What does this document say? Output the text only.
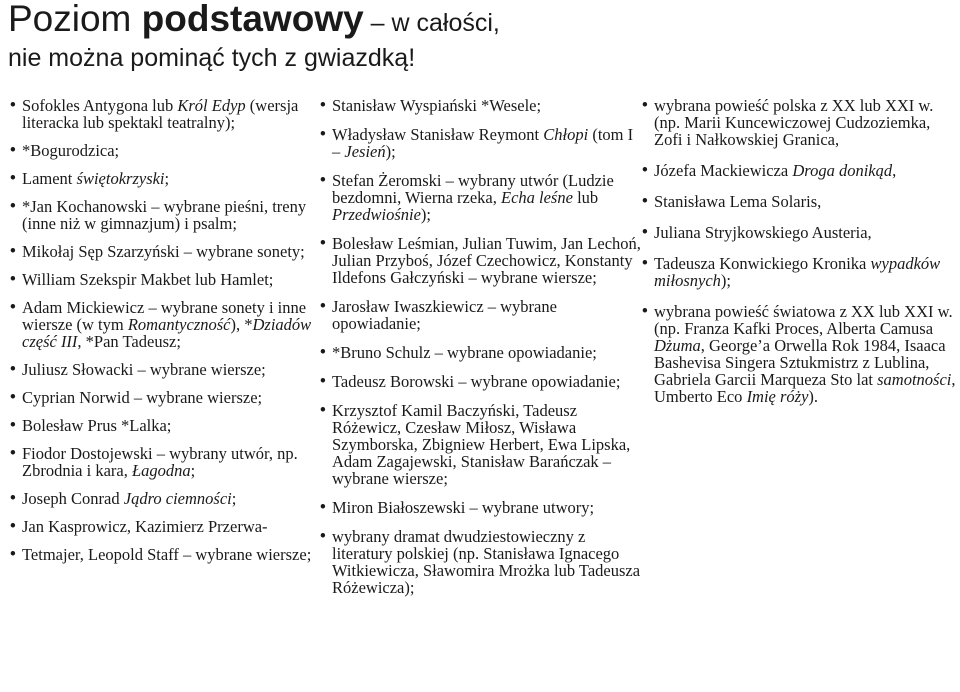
Poziom podstawowy – w całości,
nie można pominąć tych z gwiazdką!
• Sofokles Antygona lub Król Edyp (wersja literacka lub spektakl teatralny);
• *Bogurodzica;
• Lament świętokrzyski;
• *Jan Kochanowski – wybrane pieśni, treny (inne niż w gimnazjum) i psalm;
• Mikołaj Sęp Szarzyński – wybrane sonety;
• William Szekspir Makbet lub Hamlet;
• Adam Mickiewicz – wybrane sonety i inne wiersze (w tym Romantyczność), *Dziadów część III, *Pan Tadeusz;
• Juliusz Słowacki – wybrane wiersze;
• Cyprian Norwid – wybrane wiersze;
• Bolesław Prus *Lalka;
• Fiodor Dostojewski – wybrany utwór, np. Zbrodnia i kara, Łagodna;
• Joseph Conrad Jądro ciemności;
• Jan Kasprowicz, Kazimierz Przerwa-
• Tetmajer, Leopold Staff – wybrane wiersze;
• Stanisław Wyspiański *Wesele;
• Władysław Stanisław Reymont Chłopi (tom I – Jesień);
• Stefan Żeromski – wybrany utwór (Ludzie bezdomni, Wierna rzeka, Echa leśne lub Przedwiośnie);
• Bolesław Leśmian, Julian Tuwim, Jan Lechoń, Julian Przyboś, Józef Czechowicz, Konstanty Ildefons Gałczyński – wybrane wiersze;
• Jarosław Iwaszkiewicz – wybrane opowiadanie;
• *Bruno Schulz – wybrane opowiadanie;
• Tadeusz Borowski – wybrane opowiadanie;
• Krzysztof Kamil Baczyński, Tadeusz Różewicz, Czesław Miłosz, Wisława Szymborska, Zbigniew Herbert, Ewa Lipska, Adam Zagajewski, Stanisław Barańczak – wybrane wiersze;
• Miron Białoszewski – wybrane utwory;
• wybrany dramat dwudziestowieczny z literatury polskiej (np. Stanisława Ignacego Witkiewicza, Sławomira Mrożka lub Tadeusza Różewicza);
• wybrana powieść polska z XX lub XXI w. (np. Marii Kuncewiczowej Cudzoziemka, Zofi i Nałkowskiej Granica,
• Józefa Mackiewicza Droga donikąd,
• Stanisława Lema Solaris,
• Juliana Stryjkowskiego Austeria,
• Tadeusza Konwickiego Kronika wypadków miłosnych);
• wybrana powieść światowa z XX lub XXI w. (np. Franza Kafki Proces, Alberta Camusa Dżuma, George’a Orwella Rok 1984, Isaaca Bashevisa Singera Sztukmistrz z Lublina, Gabriela Garcii Marqueza Sto lat samotności, Umberto Eco Imię róży).
